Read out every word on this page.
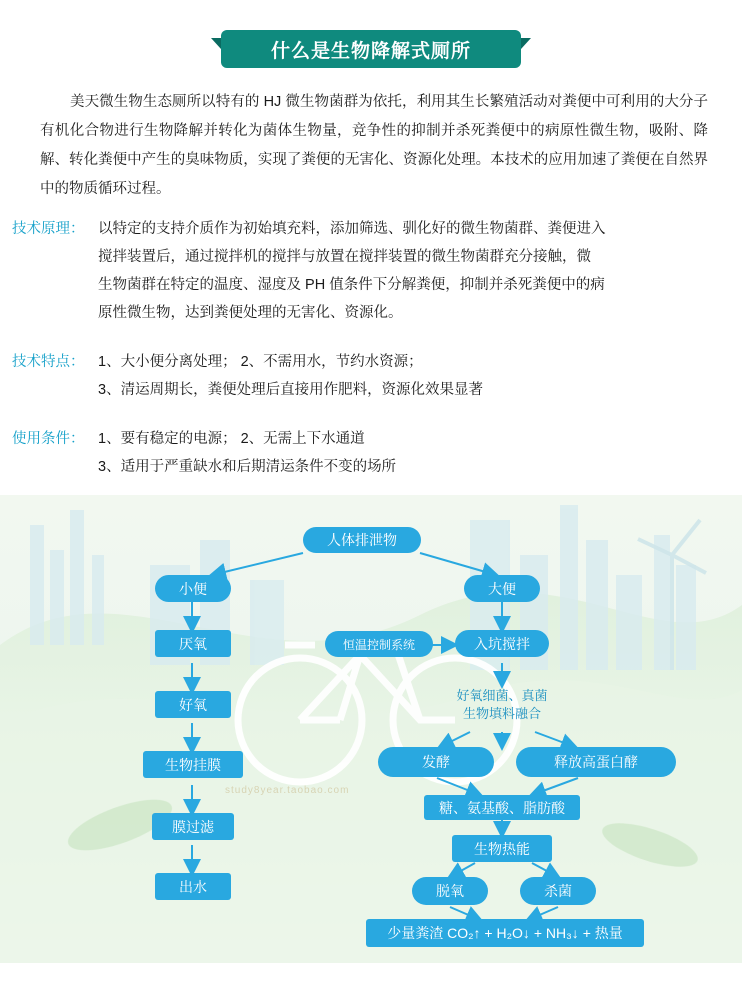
什么是生物降解式厕所
美天微生物生态厕所以特有的 HJ 微生物菌群为依托，利用其生长繁殖活动对粪便中可利用的大分子有机化合物进行生物降解并转化为菌体生物量，竞争性的抑制并杀死粪便中的病原性微生物，吸附、降解、转化粪便中产生的臭味物质，实现了粪便的无害化、资源化处理。本技术的应用加速了粪便在自然界中的物质循环过程。
技术原理： 以特定的支持介质作为初始填充料，添加筛选、驯化好的微生物菌群、粪便进入
搅拌装置后，通过搅拌机的搅拌与放置在搅拌装置的微生物菌群充分接触，微
生物菌群在特定的温度、湿度及 PH 值条件下分解粪便，抑制并杀死粪便中的病
原性微生物，达到粪便处理的无害化、资源化。
技术特点： 1、大小便分离处理； 2、不需用水，节约水资源；
3、清运周期长，粪便处理后直接用作肥料，资源化效果显著
使用条件： 1、要有稳定的电源； 2、无需上下水通道
3、适用于严重缺水和后期清运条件不变的场所
study8year.taobao.com
人体排泄物
小便	大便
厌氧
好氧
生物挂膜
膜过滤
出水
恒温控制系统	入坑搅拌
好氧细菌、真菌
生物填料融合
发酵	释放高蛋白酵
糖、氨基酸、脂肪酸
生物热能
脱氧	杀菌
少量粪渣 CO₂↑ + H₂O↓ + NH₃↓ + 热量
